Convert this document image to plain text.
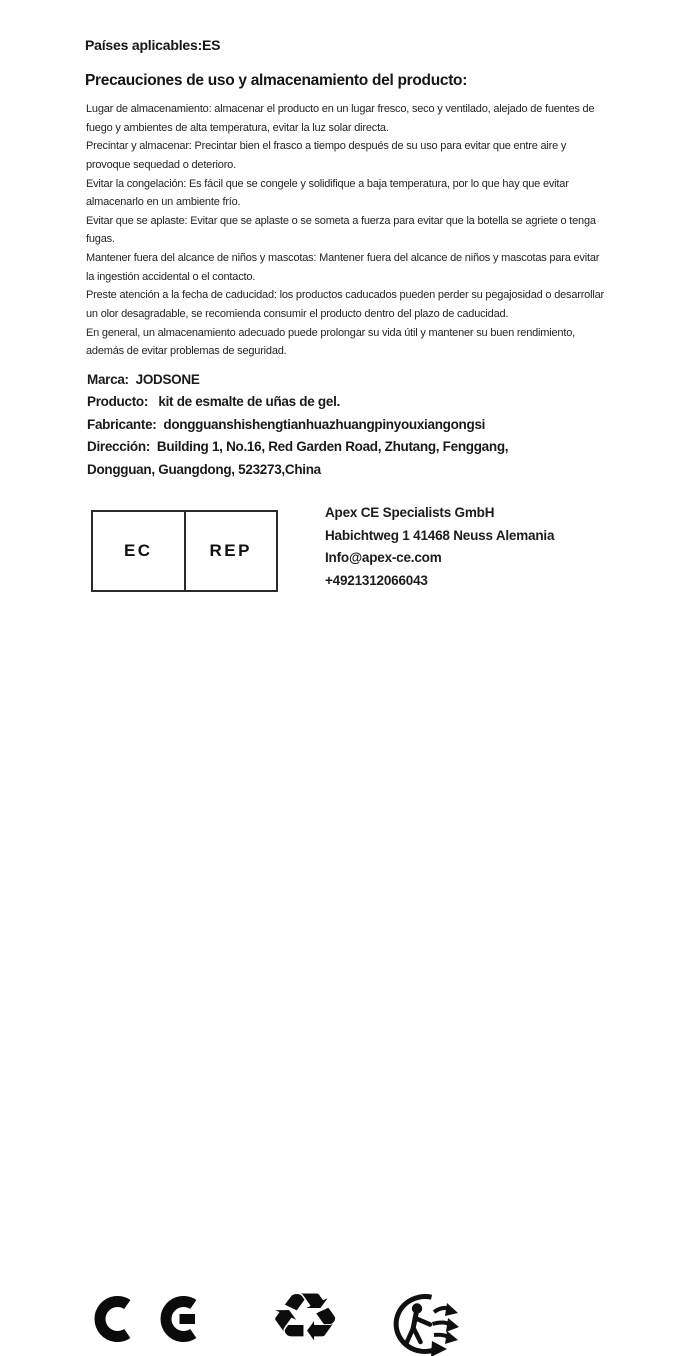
Países aplicables:ES
Precauciones de uso y almacenamiento del producto:
Lugar de almacenamiento: almacenar el producto en un lugar fresco, seco y ventilado, alejado de fuentes de
fuego y ambientes de alta temperatura, evitar la luz solar directa.
Precintar y almacenar: Precintar bien el frasco a tiempo después de su uso para evitar que entre aire y
provoque sequedad o deterioro.
Evitar la congelación: Es fácil que se congele y solidifique a baja temperatura, por lo que hay que evitar
almacenarlo en un ambiente frío.
Evitar que se aplaste: Evitar que se aplaste o se someta a fuerza para evitar que la botella se agriete o tenga
fugas.
Mantener fuera del alcance de niños y mascotas: Mantener fuera del alcance de niños y mascotas para evitar
la ingestión accidental o el contacto.
Preste atención a la fecha de caducidad: los productos caducados pueden perder su pegajosidad o desarrollar
un olor desagradable, se recomienda consumir el producto dentro del plazo de caducidad.
En general, un almacenamiento adecuado puede prolongar su vida útil y mantener su buen rendimiento,
además de evitar problemas de seguridad.
Marca:  JODSONE
Producto:   kit de esmalte de uñas de gel.
Fabricante:  dongguanshishengtianhuazhuangpinyouxiangongsi
Dirección:  Building 1, No.16, Red Garden Road, Zhutang, Fenggang,
Dongguan, Guangdong, 523273,China
EC	REP
Apex CE Specialists GmbH
Habichtweg 1 41468 Neuss Alemania
Info@apex-ce.com
+4921312066043
♻
